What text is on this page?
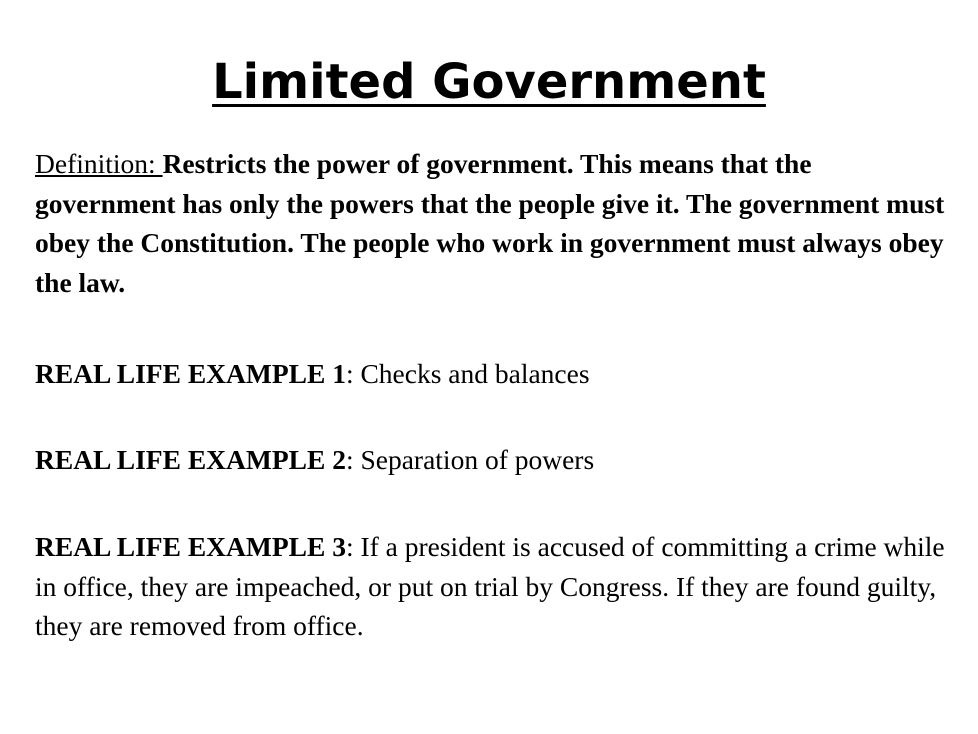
Limited Government

Definition: Restricts the power of government. This means that the government has only the powers that the people give it. The government must obey the Constitution. The people who work in government must always obey the law.

REAL LIFE EXAMPLE 1: Checks and balances

REAL LIFE EXAMPLE 2: Separation of powers

REAL LIFE EXAMPLE 3: If a president is accused of committing a crime while in office, they are impeached, or put on trial by Congress. If they are found guilty, they are removed from office.
